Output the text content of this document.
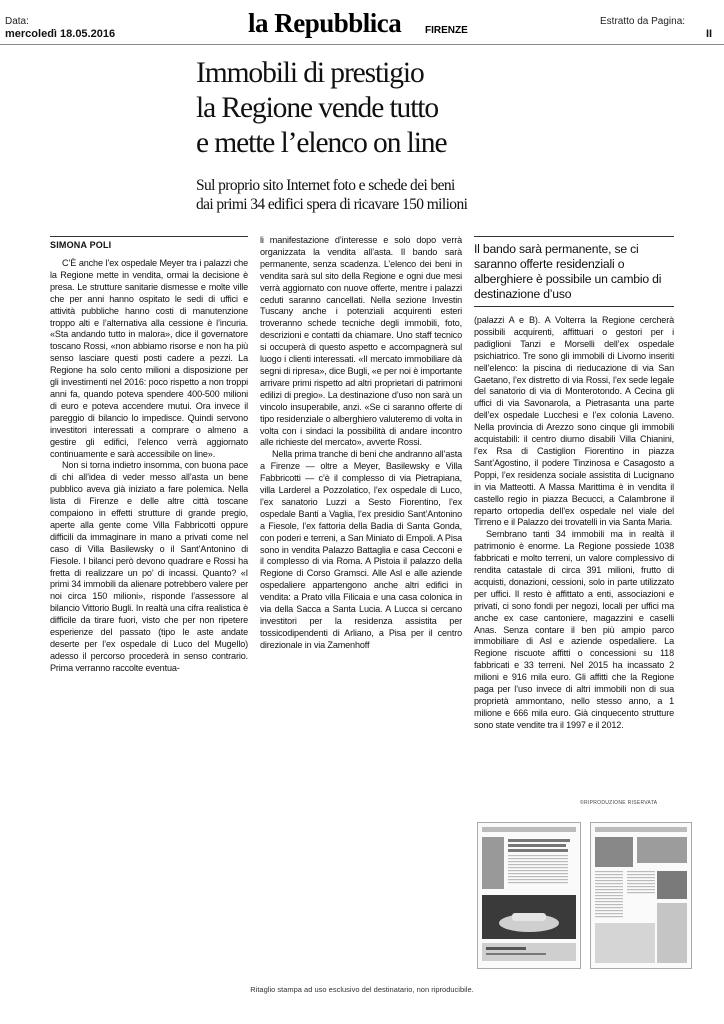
Data:
mercoledì 18.05.2016	la Repubblica FIRENZE
Estratto da Pagina:
II
Immobili di prestigio
la Regione vende tutto
e mette l’elenco on line
Sul proprio sito Internet foto e schede dei beni
dai primi 34 edifici spera di ricavare 150 milioni
SIMONA POLI

C’È anche l’ex ospedale Meyer tra i palazzi che la Regione mette in vendita, ormai la decisione è presa. Le strutture sanitarie dismesse e molte ville che per anni hanno ospitato le sedi di uffici e attività pubbliche hanno costi di manutenzione troppo alti e l’alternativa alla cessione è l’incuria. «Sta andando tutto in malora», dice il governatore toscano Rossi, «non abbiamo risorse e non ha più senso lasciare questi posti cadere a pezzi. La Regione ha solo cento milioni a disposizione per gli investimenti nel 2016: poco rispetto a non troppi anni fa, quando poteva spendere 400-500 milioni di euro e poteva accendere mutui. Ora invece il pareggio di bilancio lo impedisce. Quindi servono investitori interessati a comprare o almeno a gestire gli edifici, l’elenco verrà aggiornato continuamente e sarà accessibile on line».

Non si torna indietro insomma, con buona pace di chi all’idea di veder messo all’asta un bene pubblico aveva già iniziato a fare polemica. Nella lista di Firenze e delle altre città toscane compaiono in effetti strutture di grande pregio, aperte alla gente come Villa Fabbricotti oppure difficili da immaginare in mano a privati come nel caso di Villa Basilewsky o il Sant’Antonino di Fiesole. I bilanci però devono quadrare e Rossi ha fretta di realizzare un po’ di incassi. Quanto? «I primi 34 immobili da alienare potrebbero valere per noi circa 150 milioni», risponde l’assessore al bilancio Vittorio Bugli. In realtà una cifra realistica è difficile da tirare fuori, visto che per non ripetere esperienze del passato (tipo le aste andate deserte per l’ex ospedale di Luco del Mugello) adesso il percorso procederà in senso contrario. Prima verranno raccolte eventua-

li manifestazione d’interesse e solo dopo verrà organizzata la vendita all’asta. Il bando sarà permanente, senza scadenza. L’elenco dei beni in vendita sarà sul sito della Regione e ogni due mesi verrà aggiornato con nuove offerte, mentre i palazzi ceduti saranno cancellati. Nella sezione Investin Tuscany anche i potenziali acquirenti esteri troveranno schede tecniche degli immobili, foto, descrizioni e contatti da chiamare. Uno staff tecnico si occuperà di questo aspetto e accompagnerà sul luogo i clienti interessati. «Il mercato immobiliare dà segni di ripresa», dice Bugli, «e per noi è importante arrivare primi rispetto ad altri proprietari di patrimoni edilizi di pregio». La destinazione d’uso non sarà un vincolo insuperabile, anzi. «Se ci saranno offerte di tipo residenziale o alberghiero valuteremo di volta in volta con i sindaci la possibilità di andare incontro alle richieste del mercato», avverte Rossi.

Nella prima tranche di beni che andranno all’asta a Firenze — oltre a Meyer, Basilewsky e Villa Fabbricotti — c’è il complesso di via Pietrapiana, villa Larderel a Pozzolatico, l’ex ospedale di Luco, l’ex sanatorio Luzzi a Sesto Fiorentino, l’ex ospedale Banti a Vaglia, l’ex presidio Sant’Antonino a Fiesole, l’ex fattoria della Badia di Santa Gonda, con poderi e terreni, a San Miniato di Empoli. A Pisa sono in vendita Palazzo Battaglia e casa Cecconi e il complesso di via Roma. A Pistoia il palazzo della Regione di Corso Gramsci. Alle Asl e alle aziende ospedaliere appartengono anche altri edifici in vendita: a Prato villa Filicaia e una casa colonica in via della Sacca a Santa Lucia. A Lucca si cercano investitori per la residenza assistita per tossicodipendenti di Arliano, a Pisa per il centro direzionale in via Zamenhoff

Il bando sarà permanente, se ci saranno offerte residenziali o alberghiere è possibile un cambio di destinazione d’uso

(palazzi A e B). A Volterra la Regione cercherà possibili acquirenti, affittuari o gestori per i padiglioni Tanzi e Morselli dell’ex ospedale psichiatrico. Tre sono gli immobili di Livorno inseriti nell’elenco: la piscina di rieducazione di via San Gaetano, l’ex distretto di via Rossi, l’ex sede legale del sanatorio di via di Monterotondo. A Cecina gli uffici di via Savonarola, a Pietrasanta una parte dell’ex ospedale Lucchesi e l’ex colonia Laveno. Nella provincia di Arezzo sono cinque gli immobili acquistabili: il centro diurno disabili Villa Chianini, l’ex Rsa di Castiglion Fiorentino in piazza Sant’Agostino, il podere Tinzinosa e Casagosto a Poppi, l’ex residenza sociale assistita di Lucignano in via Matteotti. A Massa Marittima è in vendita il castello regio in piazza Becucci, a Calambrone il reparto ortopedia dell’ex ospedale nel viale del Tirreno e il Palazzo dei trovatelli in via Santa Maria.

Sembrano tanti 34 immobili ma in realtà il patrimonio è enorme. La Regione possiede 1038 fabbricati e molto terreni, un valore complessivo di rendita catastale di circa 391 milioni, frutto di acquisti, donazioni, cessioni, solo in parte utilizzato per uffici. Il resto è affittato a enti, associazioni e privati, ci sono fondi per negozi, locali per uffici ma anche ex case cantoniere, magazzini e caselli Anas. Senza contare il ben più ampio parco immobiliare di Asl e aziende ospedaliere. La Regione riscuote affitti o concessioni su 118 fabbricati e 33 terreni. Nel 2015 ha incassato 2 milioni e 916 mila euro. Gli affitti che la Regione paga per l’uso invece di altri immobili non di sua proprietà ammontano, nello stesso anno, a 1 milione e 666 mila euro. Già cinquecento strutture sono state vendite tra il 1997 e il 2012.

©RIPRODUZIONE RISERVATA
Ritaglio stampa ad uso esclusivo del destinatario, non riproducibile.
